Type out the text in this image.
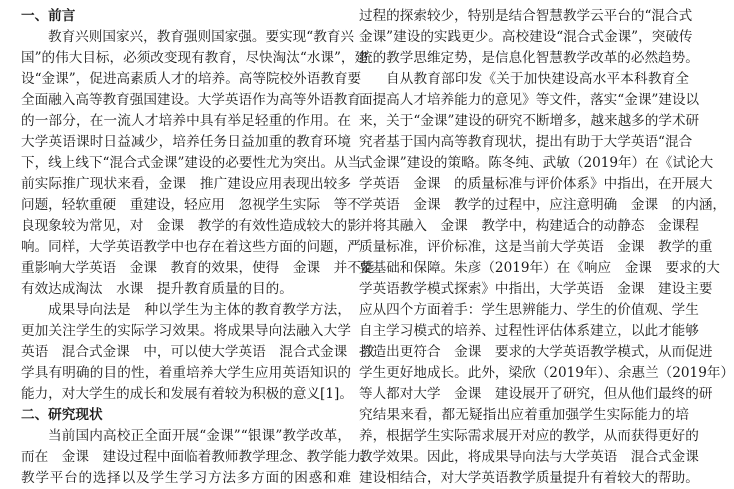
一、前言
教育兴则国家兴，教育强则国家强。要实现“教育兴
国”的伟大目标，必须改变现有教育，尽快淘汰“水课”，建
设“金课”，促进高素质人才的培养。高等院校外语教育要
全面融入高等教育强国建设。大学英语作为高等外语教育
的一部分，在一流人才培养中具有举足轻重的作用。在
大学英语课时日益减少，培养任务日益加重的教育环境
下，线上线下“混合式金课”建设的必要性尤为突出。从当
前实际推广现状来看，金课　推广建设应用表现出较多
问题，轻软重硬　重建设，轻应用　忽视学生实际　等不
良现象较为常见，对　金课　教学的有效性造成较大的影
响。同样，大学英语教学中也存在着这些方面的问题，严
重影响大学英语　金课　教育的效果，使得　金课　并不能
有效达成淘汰　水课　提升教育质量的目的。
成果导向法是　种以学生为主体的教育教学方法，
更加关注学生的实际学习效果。将成果导向法融入大学
英语　混合式金课　中，可以使大学英语　混合式金课　教
学具有明确的目的性，着重培养大学生应用英语知识的
能力，对大学生的成长和发展有着较为积极的意义[1]。
二、研究现状
当前国内高校正全面开展“金课”“银课”教学改革，
而在　金课　建设过程中面临着教师教学理念、教学能力、
教学平台的选择以及学生学习方法多方面的困惑和难
过程的探索较少，特别是结合智慧教学云平台的“混合式
金课”建设的实践更少。高校建设“混合式金课”，突破传
统的教学思维定势，是信息化智慧教学改革的必然趋势。
自从教育部印发《关于加快建设高水平本科教育全
面提高人才培养能力的意见》等文件，落实“金课”建设以
来，关于“金课”建设的研究不断增多，越来越多的学术研
究者基于国内高等教育现状，提出有助于大学英语“混合
式金课”建设的策略。陈冬纯、武敏（2019年）在《试论大
学英语　金课　的质量标准与评价体系》中指出，在开展大
学英语　金课　教学的过程中，应注意明确　金课　的内涵，
并将其融入　金课　教学中，构建适合的动静态　金课程
质量标准，评价标准，这是当前大学英语　金课　教学的重
要基础和保障。朱彦（2019年）在《响应　金课　要求的大
学英语教学模式探索》中指出，大学英语　金课　建设主要
应从四个方面着手：学生思辨能力、学生的价值观、学生
自主学习模式的培养、过程性评估体系建立，以此才能够
打造出更符合　金课　要求的大学英语教学模式，从而促进
学生更好地成长。此外，梁欣（2019年）、余惠兰（2019年）
等人都对大学　金课　建设展开了研究，但从他们最终的研
究结果来看，都无疑指出应着重加强学生实际能力的培
养，根据学生实际需求展开对应的教学，从而获得更好的
教学效果。因此，将成果导向法与大学英语　混合式金课
建设相结合，对大学英语教学质量提升有着较大的帮助。
